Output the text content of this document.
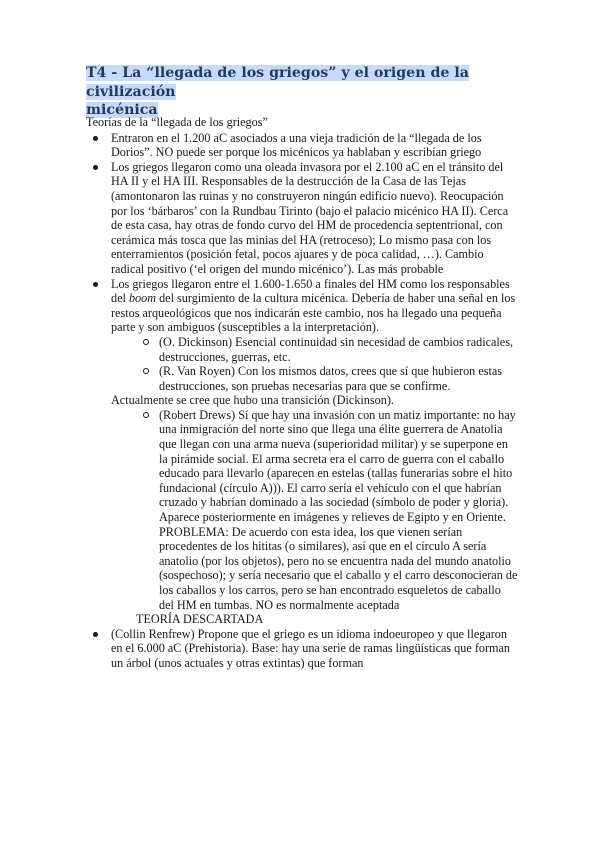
T4 - La “llegada de los griegos” y el origen de la civilización
micénica

Teorías de la “llegada de los griegos”

Entraron en el 1.200 aC asociados a una vieja tradición de la “llegada de los Dorios”. NO puede ser porque los micénicos ya hablaban y escribían griego
Los griegos llegaron como una oleada invasora por el 2.100 aC en el tránsito del HA II y el HA III. Responsables de la destrucción de la Casa de las Tejas (amontonaron las ruinas y no construyeron ningún edificio nuevo). Reocupación por los ‘bárbaros’ con la Rundbau Tirinto (bajo el palacio micénico HA II). Cerca de esta casa, hay otras de fondo curvo del HM de procedencia septentrional, con cerámica más tosca que las minias del HA (retroceso); Lo mismo pasa con los enterramientos (posición fetal, pocos ajuares y de poca calidad, …). Cambio radical positivo (‘el origen del mundo micénico’). Las más probable
Los griegos llegaron entre el 1.600-1.650 a finales del HM como los responsables del boom del surgimiento de la cultura micénica. Debería de haber una señal en los restos arqueológicos que nos indicarán este cambio, nos ha llegado una pequeña parte y son ambiguos (susceptibles a la interpretación).
(O. Dickinson) Esencial continuidad sin necesidad de cambios radicales, destrucciones, guerras, etc.
(R. Van Royen) Con los mismos datos, crees que sí que hubieron estas destrucciones, son pruebas necesarias para que se confirme.

Actualmente se cree que hubo una transición (Dickinson).

(Robert Drews) Sí que hay una invasión con un matiz importante: no hay una inmigración del norte sino que llega una élite guerrera de Anatolia que llegan con una arma nueva (superioridad militar) y se superpone en la pirámide social. El arma secreta era el carro de guerra con el caballo educado para llevarlo (aparecen en estelas (tallas funerarias sobre el hito fundacional (círculo A))). El carro sería el vehículo con el que habrían cruzado y habrían dominado a las sociedad (símbolo de poder y gloria). Aparece posteriormente en imágenes y relieves de Egipto y en Oriente. PROBLEMA: De acuerdo con esta idea, los que vienen serían procedentes de los hititas (o similares), así que en el círculo A sería anatolio (por los objetos), pero no se encuentra nada del mundo anatolio (sospechoso); y sería necesario que el caballo y el carro desconocieran de los caballos y los carros, pero se han encontrado esqueletos de caballo del HM en tumbas. NO es normalmente aceptada

TEORÍA DESCARTADA

(Collin Renfrew) Propone que el griego es un idioma indoeuropeo y que llegaron en el 6.000 aC (Prehistoria). Base: hay una serie de ramas lingüísticas que forman un árbol (unos actuales y otras extintas) que forman
